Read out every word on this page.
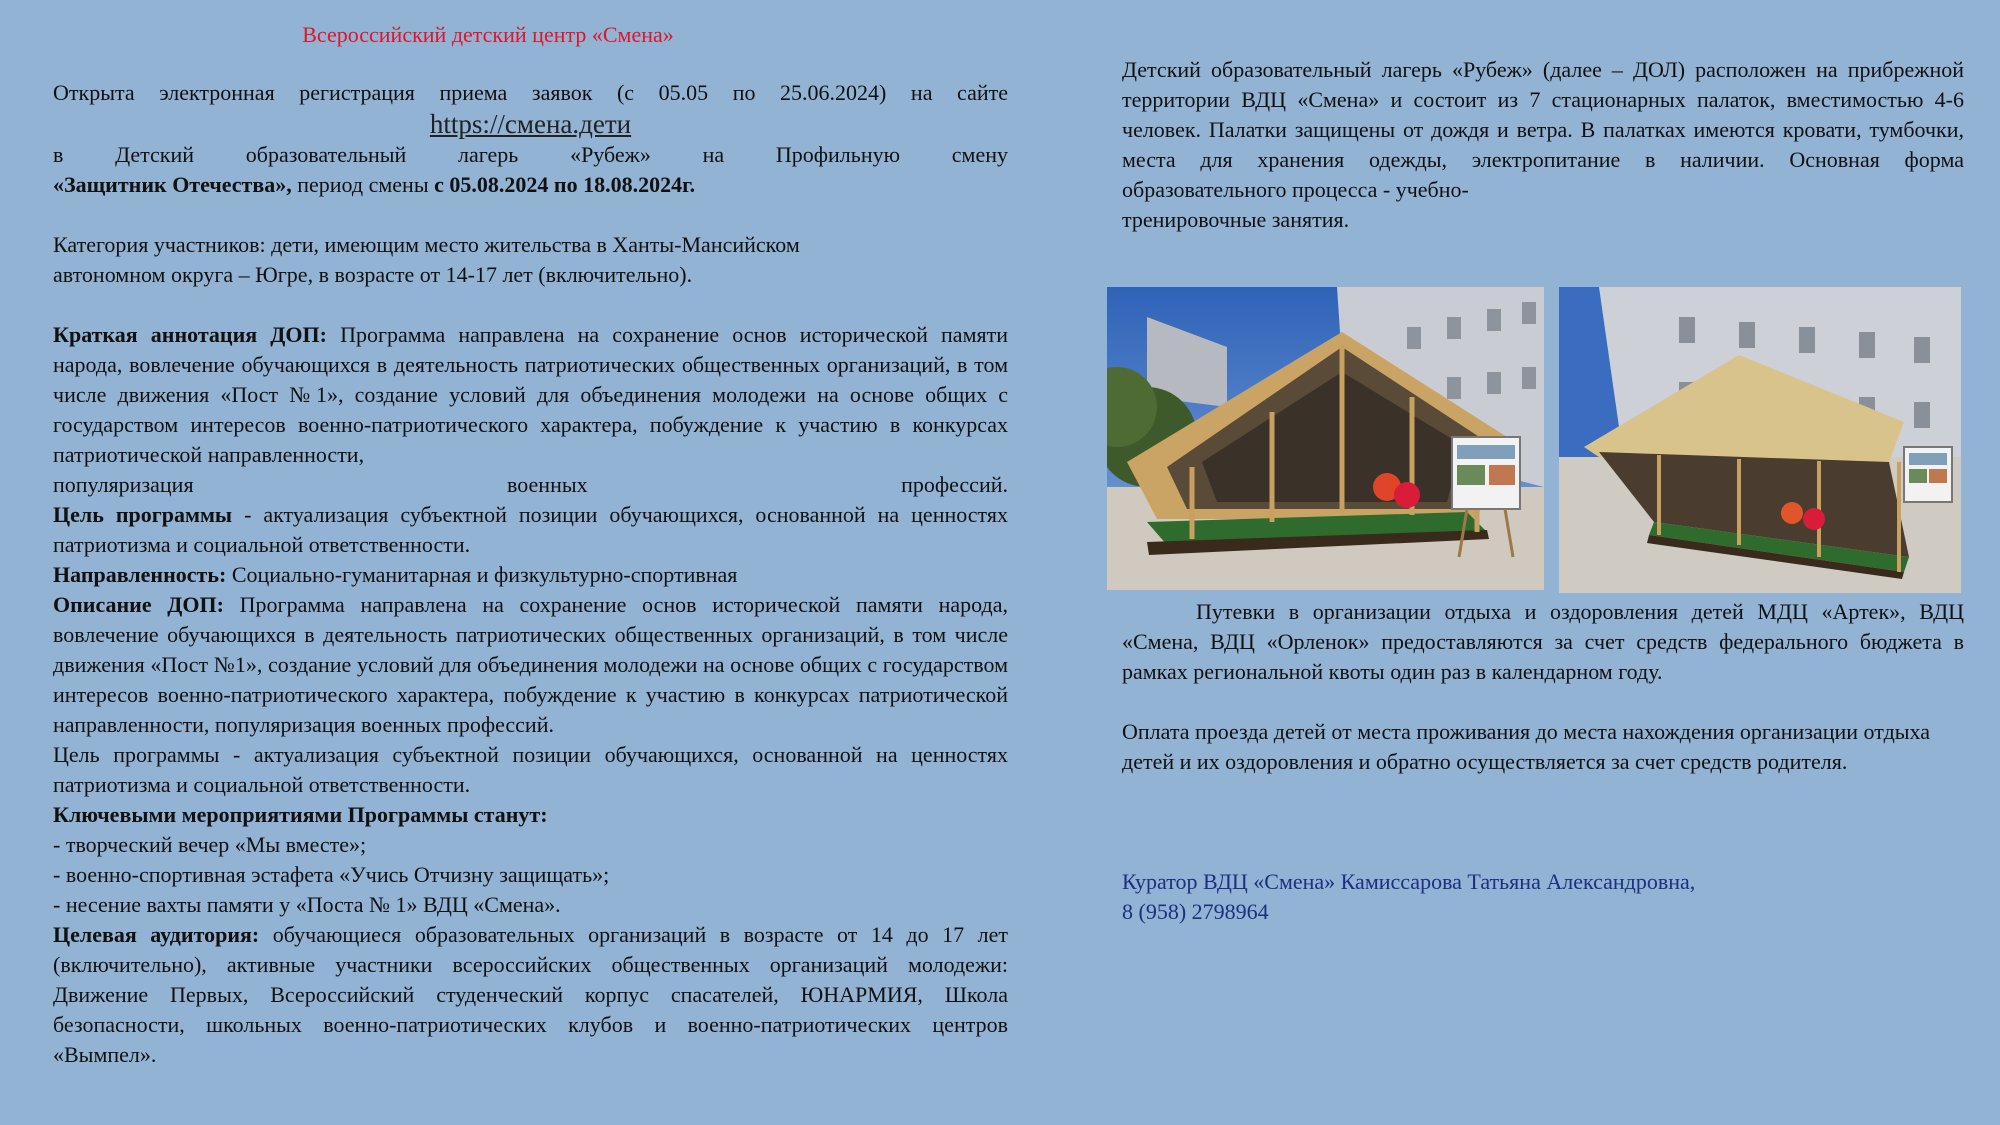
Всероссийский детский центр «Смена»

Открыта электронная регистрация приема заявок (с 05.05 по 25.06.2024) на сайте

https://смена.дети

в Детский образовательный лагерь «Рубеж» на Профильную смену

«Защитник Отечества», период смены с 05.08.2024 по 18.08.2024г.

Категория участников: дети, имеющим место жительства в Ханты-Мансийском

автономном округа – Югре, в возрасте от 14-17 лет (включительно).

Краткая аннотация ДОП: Программа направлена на сохранение основ исторической памяти народа, вовлечение обучающихся в деятельность патриотических общественных организаций, в том числе движения «Пост №1», создание условий для объединения молодежи на основе общих с государством интересов военно-патриотического характера, побуждение к участию в конкурсах патриотической направленности,

популяризация военных профессий.

Цель программы - актуализация субъектной позиции обучающихся, основанной на ценностях патриотизма и социальной ответственности.

Направленность: Социально-гуманитарная и физкультурно-спортивная

Описание ДОП: Программа направлена на сохранение основ исторической памяти народа, вовлечение обучающихся в деятельность патриотических общественных организаций, в том числе движения «Пост №1», создание условий для объединения молодежи на основе общих с государством интересов военно-патриотического характера, побуждение к участию в конкурсах патриотической направленности, популяризация военных профессий.

Цель программы - актуализация субъектной позиции обучающихся, основанной на ценностях патриотизма и социальной ответственности.

Ключевыми мероприятиями Программы станут:

- творческий вечер «Мы вместе»;

- военно-спортивная эстафета «Учись Отчизну защищать»;

- несение вахты памяти у «Поста № 1» ВДЦ «Смена».

Целевая аудитория: обучающиеся образовательных организаций в возрасте от 14 до 17 лет (включительно), активные участники всероссийских общественных организаций молодежи: Движение Первых, Всероссийский студенческий корпус спасателей, ЮНАРМИЯ, Школа безопасности, школьных военно-патриотических клубов и военно-патриотических центров «Вымпел».

Детский образовательный лагерь «Рубеж» (далее – ДОЛ) расположен на прибрежной территории ВДЦ «Смена» и состоит из 7 стационарных палаток, вместимостью 4-6 человек. Палатки защищены от дождя и ветра. В палатках имеются кровати, тумбочки, места для хранения одежды, электропитание в наличии. Основная форма образовательного процесса - учебно-

тренировочные занятия.

Путевки в организации отдыха и оздоровления детей МДЦ «Артек», ВДЦ «Смена, ВДЦ «Орленок» предоставляются за счет средств федерального бюджета в рамках региональной квоты один раз в календарном году.

Оплата проезда детей от места проживания до места нахождения организации отдыха детей и их оздоровления и обратно осуществляется за счет средств родителя.

Куратор ВДЦ «Смена» Камиссарова Татьяна Александровна,

8 (958) 2798964
